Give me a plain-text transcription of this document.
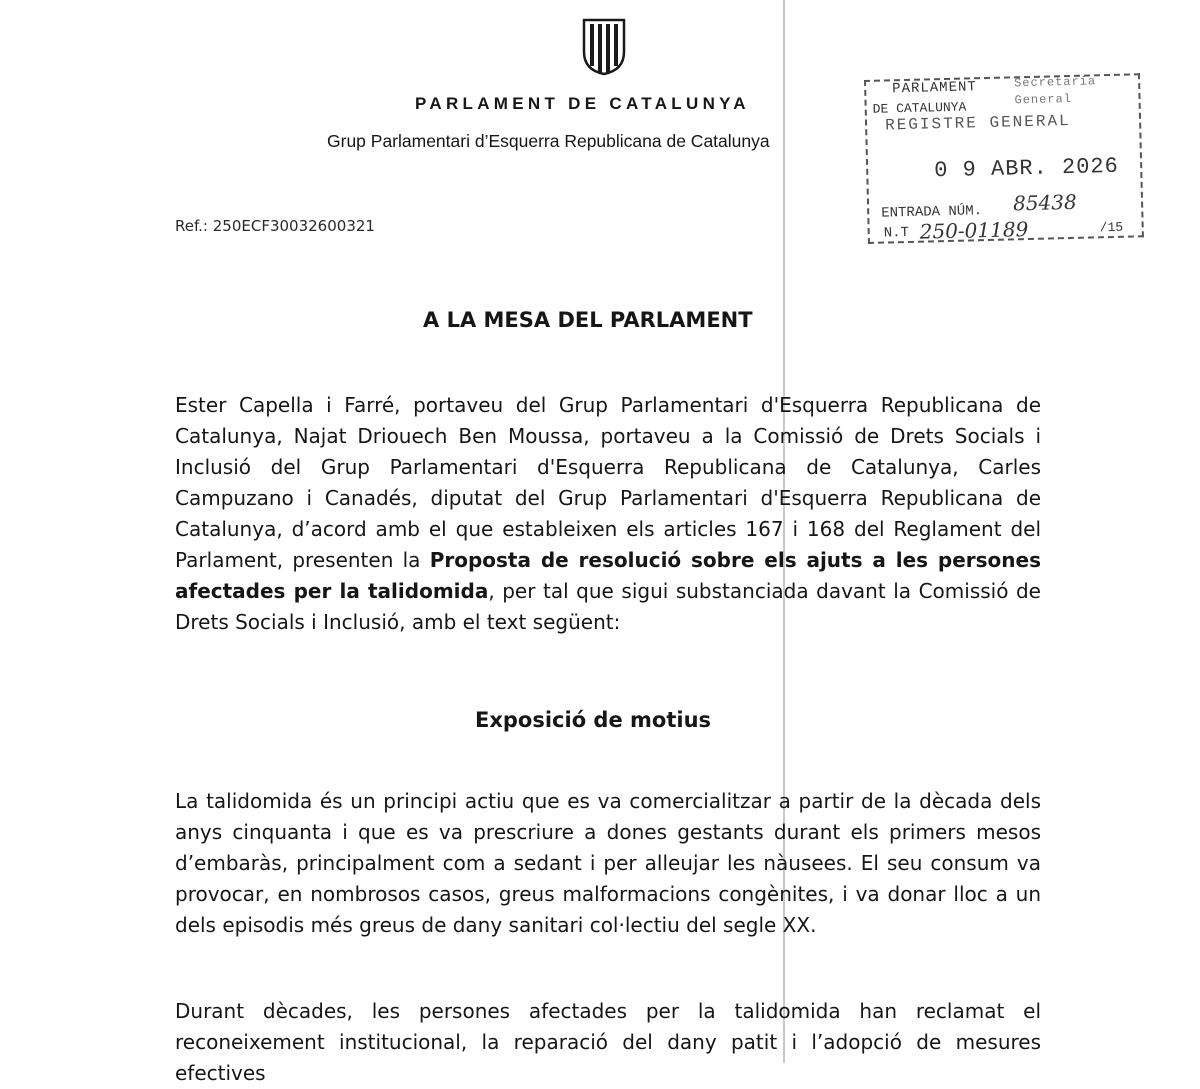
PARLAMENT DE CATALUNYA
Grup Parlamentari d’Esquerra Republicana de Catalunya
Ref.: 250ECF30032600321
PARLAMENT
DE CATALUNYA
Secretaria
General
REGISTRE GENERAL
0 9 ABR. 2026
ENTRADA NÚM. 85438
N.T 250-01189	/15
A LA MESA DEL PARLAMENT
Ester Capella i Farré, portaveu del Grup Parlamentari d'Esquerra Republicana de Catalunya, Najat Driouech Ben Moussa, portaveu a la Comissió de Drets Socials i Inclusió del Grup Parlamentari d'Esquerra Republicana de Catalunya, Carles Campuzano i Canadés, diputat del Grup Parlamentari d'Esquerra Republicana de Catalunya, d’acord amb el que estableixen els articles 167 i 168 del Reglament del Parlament, presenten la Proposta de resolució sobre els ajuts a les persones afectades per la talidomida, per tal que sigui substanciada davant la Comissió de Drets Socials i Inclusió, amb el text següent:
Exposició de motius
La talidomida és un principi actiu que es va comercialitzar a partir de la dècada dels anys cinquanta i que es va prescriure a dones gestants durant els primers mesos d’embaràs, principalment com a sedant i per alleujar les nàusees. El seu consum va provocar, en nombrosos casos, greus malformacions congènites, i va donar lloc a un dels episodis més greus de dany sanitari col·lectiu del segle XX.
Durant dècades, les persones afectades per la talidomida han reclamat el reconeixement institucional, la reparació del dany patit i l’adopció de mesures efectives
